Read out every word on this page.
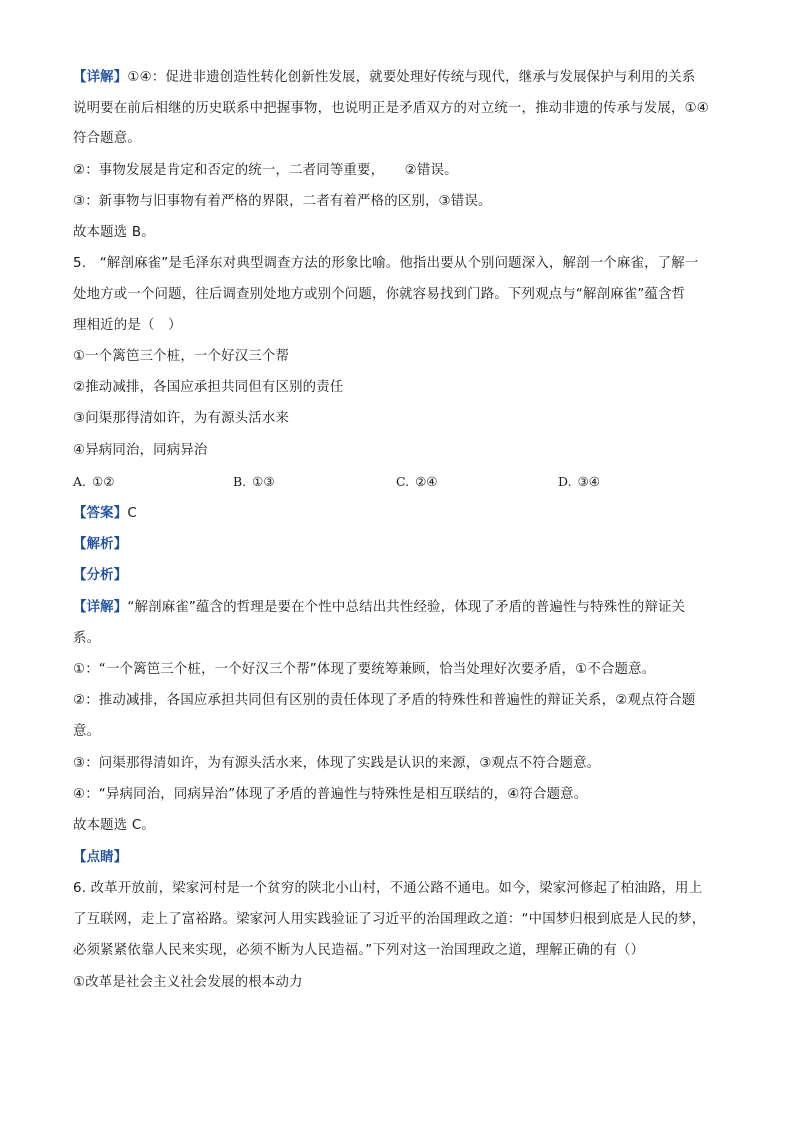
【详解】①④：促进非遗创造性转化创新性发展，就要处理好传统与现代，继承与发展保护与利用的关系
说明要在前后相继的历史联系中把握事物，也说明正是矛盾双方的对立统一，推动非遗的传承与发展，①④
符合题意。
②：事物发展是肯定和否定的统一，二者同等重要，　　②错误。
③：新事物与旧事物有着严格的界限，二者有着严格的区别，③错误。
故本题选 B。
5.　“解剖麻雀”是毛泽东对典型调查方法的形象比喻。他指出要从个别问题深入，解剖一个麻雀，了解一
处地方或一个问题，往后调查别处地方或别个问题，你就容易找到门路。下列观点与“解剖麻雀”蕴含哲
理相近的是（　）
①一个篱笆三个桩，一个好汉三个帮
②推动减排，各国应承担共同但有区别的责任
③问渠那得清如许，为有源头活水来
④异病同治，同病异治
A. ①②	B. ①③	C. ②④	D. ③④
【答案】C
【解析】
【分析】
【详解】“解剖麻雀”蕴含的哲理是要在个性中总结出共性经验，体现了矛盾的普遍性与特殊性的辩证关
系。
①：“一个篱笆三个桩，一个好汉三个帮”体现了要统筹兼顾，恰当处理好次要矛盾，①不合题意。
②：推动减排，各国应承担共同但有区别的责任体现了矛盾的特殊性和普遍性的辩证关系，②观点符合题
意。
③：问渠那得清如许，为有源头活水来，体现了实践是认识的来源，③观点不符合题意。
④：“异病同治，同病异治”体现了矛盾的普遍性与特殊性是相互联结的，④符合题意。
故本题选 C。
【点睛】
6. 改革开放前，梁家河村是一个贫穷的陕北小山村，不通公路不通电。如今，梁家河修起了柏油路，用上
了互联网，走上了富裕路。梁家河人用实践验证了习近平的治国理政之道：“中国梦归根到底是人民的梦，
必须紧紧依靠人民来实现，必须不断为人民造福。”下列对这一治国理政之道，理解正确的有（）
①改革是社会主义社会发展的根本动力
